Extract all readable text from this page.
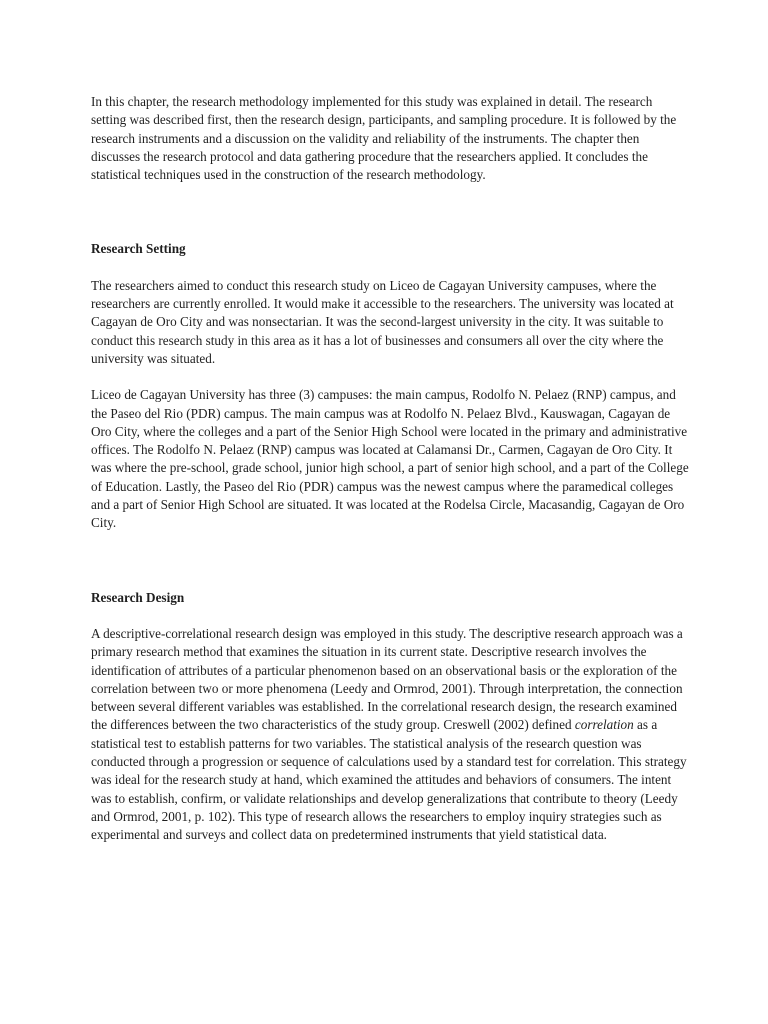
In this chapter, the research methodology implemented for this study was explained in detail. The research setting was described first, then the research design, participants, and sampling procedure. It is followed by the research instruments and a discussion on the validity and reliability of the instruments. The chapter then discusses the research protocol and data gathering procedure that the researchers applied. It concludes the statistical techniques used in the construction of the research methodology.

Research Setting

The researchers aimed to conduct this research study on Liceo de Cagayan University campuses, where the researchers are currently enrolled. It would make it accessible to the researchers. The university was located at Cagayan de Oro City and was nonsectarian. It was the second-largest university in the city. It was suitable to conduct this research study in this area as it has a lot of businesses and consumers all over the city where the university was situated.

Liceo de Cagayan University has three (3) campuses: the main campus, Rodolfo N. Pelaez (RNP) campus, and the Paseo del Rio (PDR) campus. The main campus was at Rodolfo N. Pelaez Blvd., Kauswagan, Cagayan de Oro City, where the colleges and a part of the Senior High School were located in the primary and administrative offices. The Rodolfo N. Pelaez (RNP) campus was located at Calamansi Dr., Carmen, Cagayan de Oro City. It was where the pre-school, grade school, junior high school, a part of senior high school, and a part of the College of Education. Lastly, the Paseo del Rio (PDR) campus was the newest campus where the paramedical colleges and a part of Senior High School are situated. It was located at the Rodelsa Circle, Macasandig, Cagayan de Oro City.

Research Design

A descriptive-correlational research design was employed in this study. The descriptive research approach was a primary research method that examines the situation in its current state. Descriptive research involves the identification of attributes of a particular phenomenon based on an observational basis or the exploration of the correlation between two or more phenomena (Leedy and Ormrod, 2001). Through interpretation, the connection between several different variables was established. In the correlational research design, the research examined the differences between the two characteristics of the study group. Creswell (2002) defined correlation as a statistical test to establish patterns for two variables. The statistical analysis of the research question was conducted through a progression or sequence of calculations used by a standard test for correlation. This strategy was ideal for the research study at hand, which examined the attitudes and behaviors of consumers. The intent was to establish, confirm, or validate relationships and develop generalizations that contribute to theory (Leedy and Ormrod, 2001, p. 102). This type of research allows the researchers to employ inquiry strategies such as experimental and surveys and collect data on predetermined instruments that yield statistical data.
